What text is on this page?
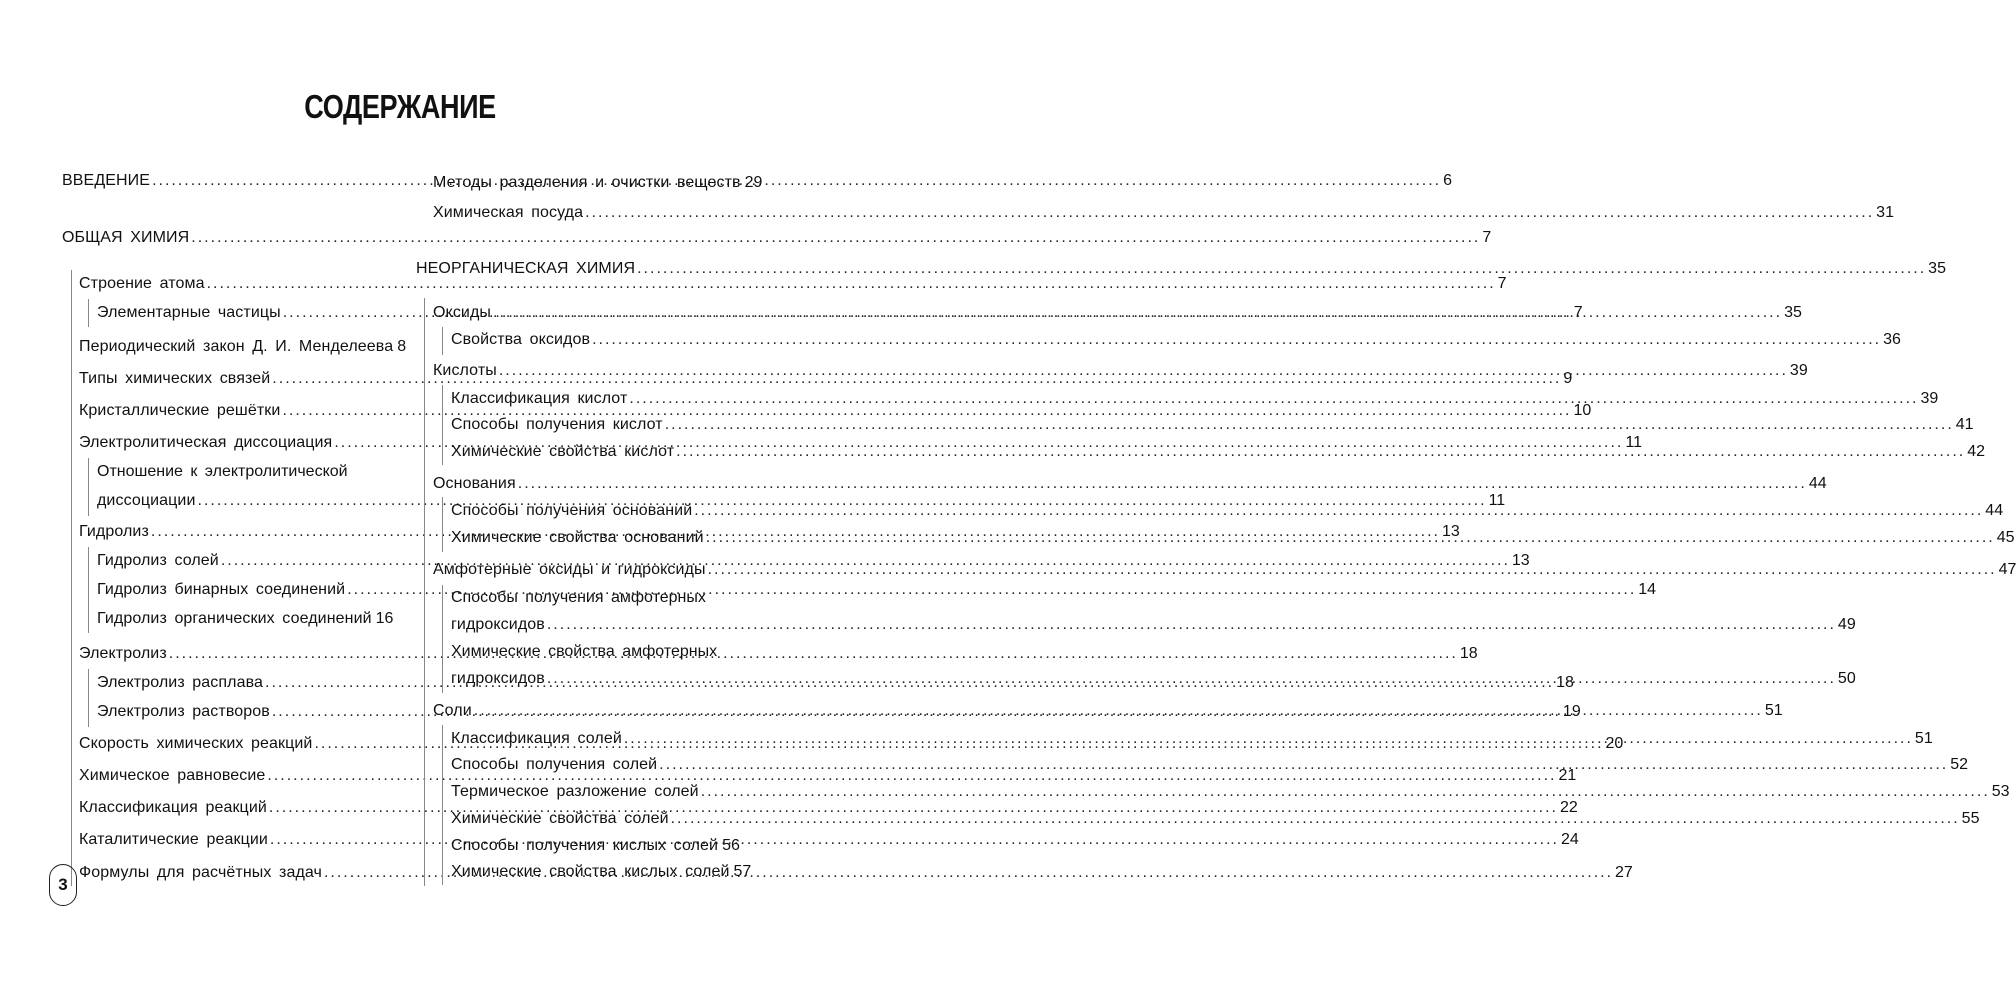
СОДЕРЖАНИЕ
ВВЕДЕНИЕ .....	6
ОБЩАЯ ХИМИЯ .....	7
Строение атома .....	7
Элементарные частицы .....	7
Периодический закон Д. И. Менделеева 8
Типы химических связей .....	9
Кристаллические решётки .....	10
Электролитическая диссоциация .....	11
Отношение к электролитической
диссоциации .....	11
Гидролиз .....	13
Гидролиз солей .....	13
Гидролиз бинарных соединений .....	14
Гидролиз органических соединений 16
Электролиз .....	18
Электролиз расплава .....	18
Электролиз растворов .....	19
Скорость химических реакций .....	20
Химическое равновесие .....	21
Классификация реакций .....	22
Каталитические реакции .....	24
Формулы для расчётных задач .....	27
Методы разделения и очистки веществ 29
Химическая посуда .....	31
НЕОРГАНИЧЕСКАЯ ХИМИЯ .....	35
Оксиды .....	35
Свойства оксидов .....	36
Кислоты .....	39
Классификация кислот .....	39
Способы получения кислот .....	41
Химические свойства кислот .....	42
Основания .....	44
Способы получения оснований .....	44
Химические свойства оснований .....	45
Амфотерные оксиды и гидроксиды .....	47
Способы получения амфотерных
гидроксидов .....	49
Химические свойства амфотерных
гидроксидов .....	50
Соли .....	51
Классификация солей .....	51
Способы получения солей .....	52
Термическое разложение солей .....	53
Химические свойства солей .....	55
Способы получения кислых солей 56
Химические свойства кислых солей 57
3
